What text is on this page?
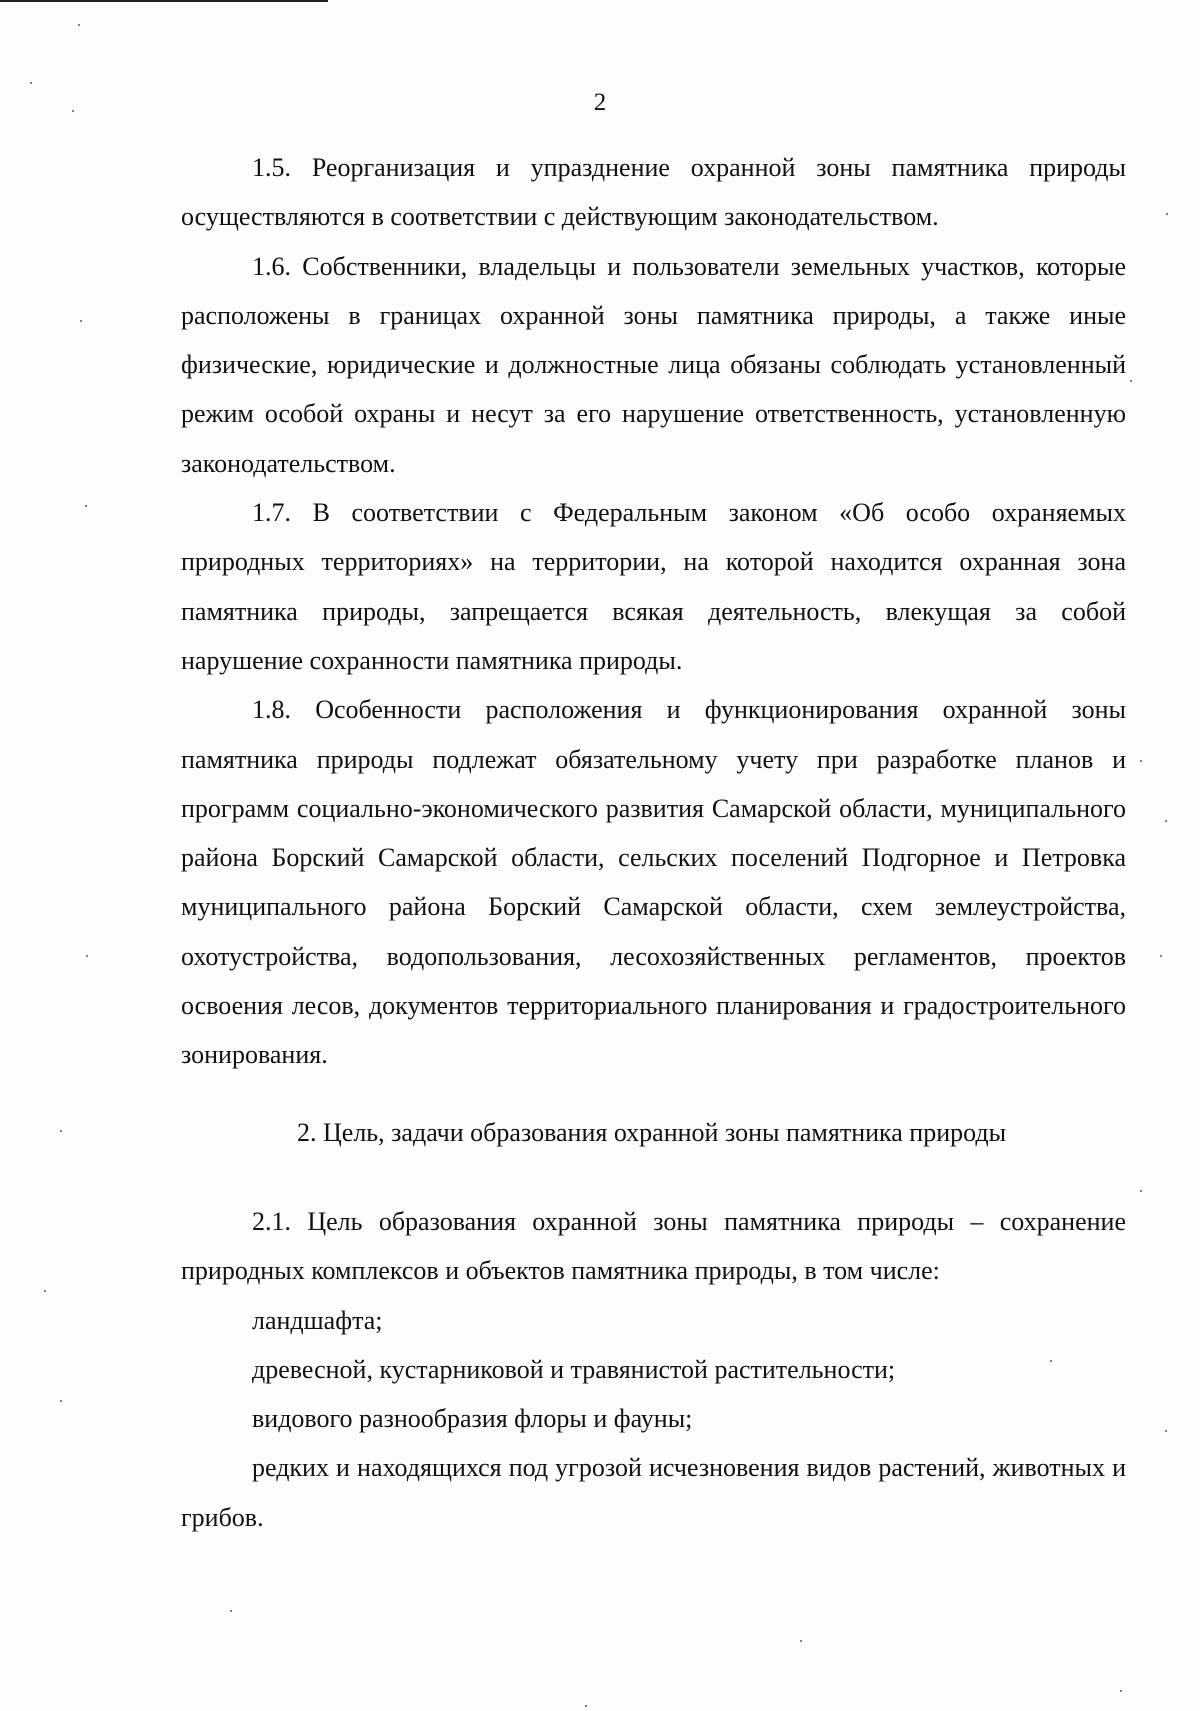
2

1.5. Реорганизация и упразднение охранной зоны памятника природы осуществляются в соответствии с действующим законодательством.

1.6. Собственники, владельцы и пользователи земельных участков, которые расположены в границах охранной зоны памятника природы, а также иные физические, юридические и должностные лица обязаны соблюдать установленный режим особой охраны и несут за его нарушение ответственность, установленную законодательством.

1.7. В соответствии с Федеральным законом «Об особо охраняемых природных территориях» на территории, на которой находится охранная зона памятника природы, запрещается всякая деятельность, влекущая за собой нарушение сохранности памятника природы.

1.8. Особенности расположения и функционирования охранной зоны памятника природы подлежат обязательному учету при разработке планов и программ социально-экономического развития Самарской области, муниципального района Борский Самарской области, сельских поселений Подгорное и Петровка муниципального района Борский Самарской области, схем землеустройства, охотустройства, водопользования, лесохозяйственных регламентов, проектов освоения лесов, документов территориального планирования и градостроительного зонирования.

2. Цель, задачи образования охранной зоны памятника природы

2.1. Цель образования охранной зоны памятника природы – сохранение природных комплексов и объектов памятника природы, в том числе:

ландшафта;

древесной, кустарниковой и травянистой растительности;

видового разнообразия флоры и фауны;

редких и находящихся под угрозой исчезновения видов растений, животных и грибов.
